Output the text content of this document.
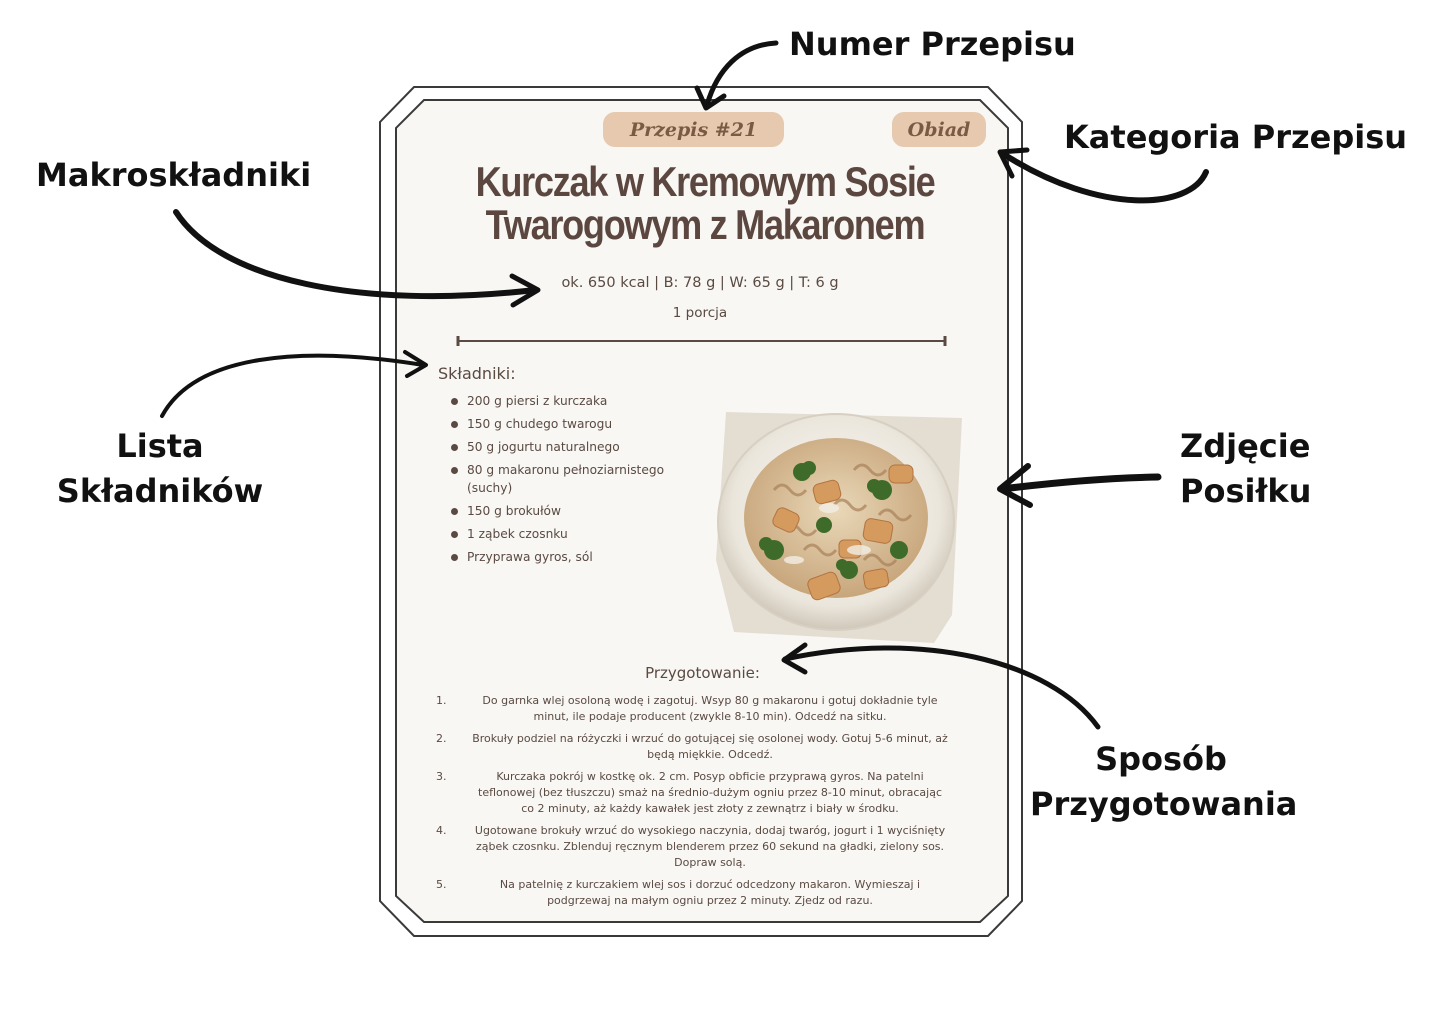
Przepis #21	Obiad
Kurczak w Kremowym Sosie
Twarogowym z Makaronem
ok. 650 kcal | B: 78 g | W: 65 g | T: 6 g
1 porcja
Składniki:
200 g piersi z kurczaka
150 g chudego twarogu
50 g jogurtu naturalnego
80 g makaronu pełnoziarnistego (suchy)
150 g brokułów
1 ząbek czosnku
Przyprawa gyros, sól
Przygotowanie:
1.	Do garnka wlej osoloną wodę i zagotuj. Wsyp 80 g makaronu i gotuj dokładnie tyle minut, ile podaje producent (zwykle 8-10 min). Odcedź na sitku.
2.	Brokuły podziel na różyczki i wrzuć do gotującej się osolonej wody. Gotuj 5-6 minut, aż będą miękkie. Odcedź.
3.	Kurczaka pokrój w kostkę ok. 2 cm. Posyp obficie przyprawą gyros. Na patelni teflonowej (bez tłuszczu) smaż na średnio-dużym ogniu przez 8-10 minut, obracając co 2 minuty, aż każdy kawałek jest złoty z zewnątrz i biały w środku.
4.	Ugotowane brokuły wrzuć do wysokiego naczynia, dodaj twaróg, jogurt i 1 wyciśnięty ząbek czosnku. Zblenduj ręcznym blenderem przez 60 sekund na gładki, zielony sos. Dopraw solą.
5.	Na patelnię z kurczakiem wlej sos i dorzuć odcedzony makaron. Wymieszaj i podgrzewaj na małym ogniu przez 2 minuty. Zjedz od razu.
Numer Przepisu
Kategoria Przepisu
Makroskładniki
Lista
Składników
Zdjęcie
Posiłku
Sposób
Przygotowania
